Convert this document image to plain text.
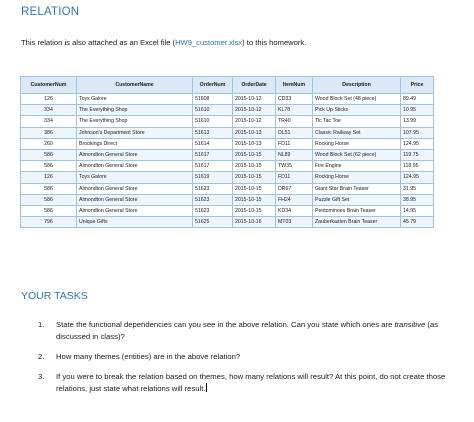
RELATION
This relation is also attached as an Excel file (HW9_customer.xlsx) to this homework.
CustomerNum	CustomerName	OrderNum	OrderDate	ItemNum	Description	Price
126	Toys Galore	51608	2015-10-12	CD33	Wood Block Set (48 piece)	89.49
334	The Everything Shop	51610	2015-10-12	KL78	Pick Up Sticks	10.95
334	The Everything Shop	51610	2015-10-12	TR40	Tic Tac Toe	13.99
386	Johnson's Department Store	51613	2015-10-13	DL51	Classic Railway Set	107.95
260	Brookings Direct	51614	2015-10-13	FD11	Rocking Horse	124.95
586	Almondton General Store	51617	2015-10-15	NL89	Wood Block Set (62 piece)	119.75
586	Almondton General Store	51617	2015-10-15	TW35	Fire Engine	118.95
126	Toys Galore	51619	2015-10-15	FD11	Rocking Horse	124.95
586	Almondton General Store	51623	2015-10-15	DR67	Giant Star Brain Teaser	31.95
586	Almondton General Store	51623	2015-10-15	FH24	Puzzle Gift Set	38.95
586	Almondton General Store	51623	2015-10-15	KD34	Pentominoes Brain Teaser	14.95
796	Unique Gifts	51625	2015-10-16	MT03	Zauberkasten Brain Teaser	45.79
YOUR TASKS
1. State the functional dependencies can you see in the above relation. Can you state which ones are transitive (as discussed in class)?
2. How many themes (entities) are in the above relation?
3. If you were to break the relation based on themes, how many relations will result? At this point, do not create those relations, just state what relations will result.
